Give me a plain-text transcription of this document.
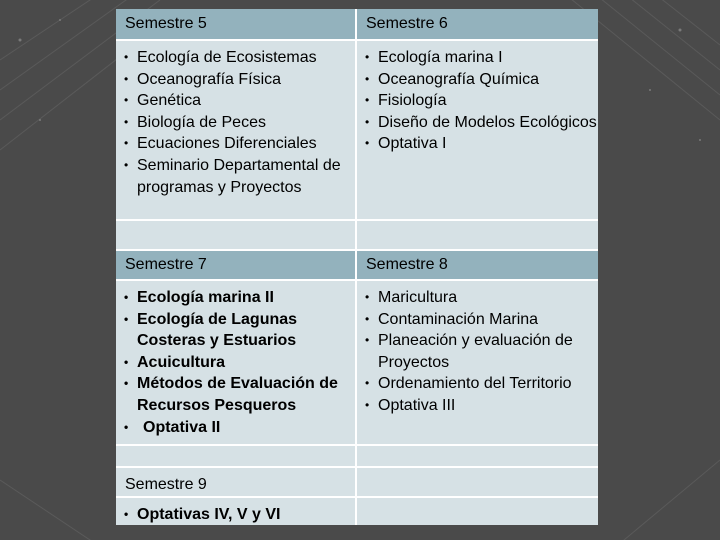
Semestre 5	Semestre 6
• Ecología de Ecosistemas
• Oceanografía Física
• Genética
• Biología de Peces
• Ecuaciones Diferenciales
• Seminario Departamental de programas y Proyectos
• Ecología marina I
• Oceanografía Química
• Fisiología
• Diseño de Modelos Ecológicos
• Optativa I
Semestre 7	Semestre 8
• Ecología marina II
• Ecología de Lagunas Costeras y Estuarios
• Acuicultura
• Métodos de Evaluación de Recursos Pesqueros
• Optativa II
• Maricultura
• Contaminación Marina
• Planeación y evaluación de Proyectos
• Ordenamiento del Territorio
• Optativa III
Semestre 9
• Optativas IV, V y VI
